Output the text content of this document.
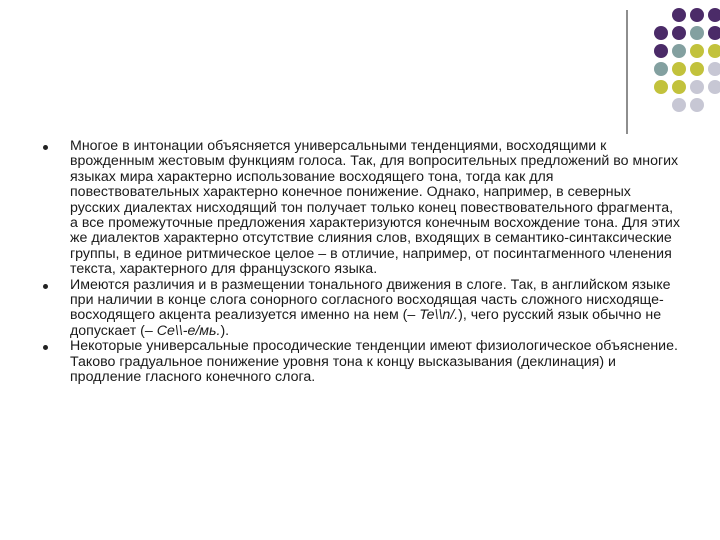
Многое в интонации объясняется универсальными тенденциями, восходящими к врожденным жестовым функциям голоса. Так, для вопросительных предложений во многих языках мира характерно использование восходящего тона, тогда как для повествовательных характерно конечное понижение. Однако, например, в северных русских диалектах нисходящий тон получает только конец повествовательного фрагмента, а все промежуточные предложения характеризуются конечным восхождение тона. Для этих же диалектов характерно отсутствие слияния слов, входящих в семантико-синтаксические группы, в единое ритмическое целое – в отличие, например, от посинтагменного членения текста, характерного для французского языка.
Имеются различия и в размещении тонального движения в слоге. Так, в английском языке при наличии в конце слога сонорного согласного восходящая часть сложного нисходяще-восходящего акцента реализуется именно на нем (– Te\\n/.), чего русский язык обычно не допускает (– Ce\\-e/мь.).
Некоторые универсальные просодические тенденции имеют физиологическое объяснение. Таково градуальное понижение уровня тона к концу высказывания (деклинация) и продление гласного конечного слога.
